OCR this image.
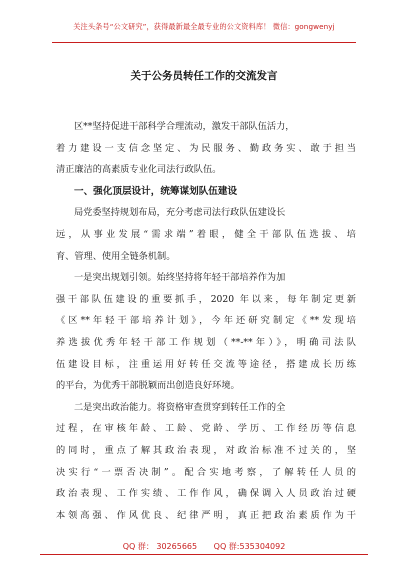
关注头条号“公文研究”，获得最新最全最专业的公文资料库！ 微信：gongwenyj
关于公务员转任工作的交流发言
区**坚持促进干部科学合理流动，激发干部队伍活力，
着力建设一支信念坚定、为民服务、勤政务实、敢于担当
清正廉洁的高素质专业化司法行政队伍。
一、强化顶层设计，统筹谋划队伍建设
局党委坚持规划布局，充分考虑司法行政队伍建设长
远，从事业发展“需求端”着眼，健全干部队伍选拔、培
育、管理、使用全链条机制。
一是突出规划引领。始终坚持将年轻干部培养作为加
强干部队伍建设的重要抓手，2020 年以来，每年制定更新
《区**年轻干部培养计划》，今年还研究制定《**发现培
养选拔优秀年轻干部工作规划（**-**年）》，明确司法队
伍建设目标，注重运用好转任交流等途径，搭建成长历练
的平台，为优秀干部脱颖而出创造良好环境。
二是突出政治能力。将资格审查贯穿到转任工作的全
过程，在审核年龄、工龄、党龄、学历、工作经历等信息
的同时，重点了解其政治表现，对政治标准不过关的，坚
决实行“一票否决制”。配合实地考察，了解转任人员的
政治表现、工作实绩、工作作风，确保调入人员政治过硬
本领高强、作风优良、纪律严明，真正把政治素质作为干
QQ 群： 30265665 QQ 群:535304092
